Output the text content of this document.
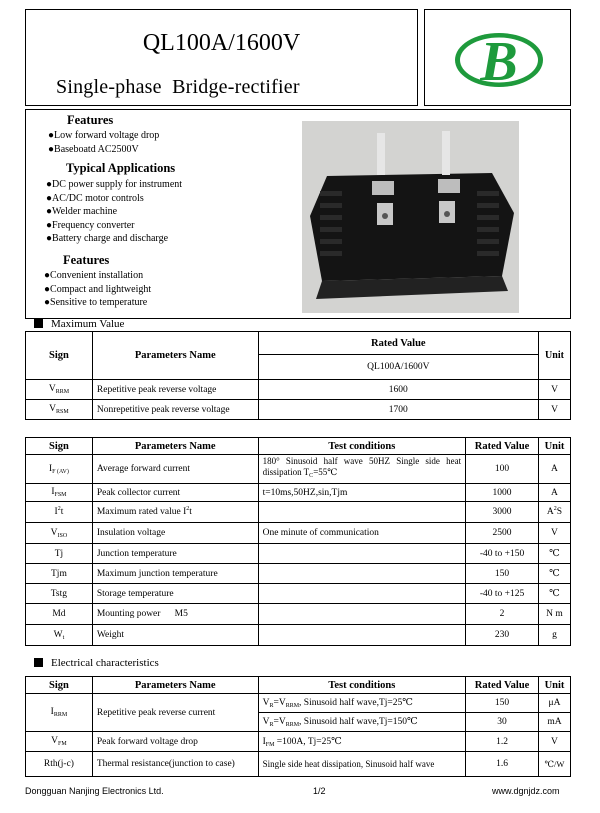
QL100A/1600V
Single-phase  Bridge-rectifier	B
Features
●Low forward voltage drop
●Baseboatd AC2500V
Typical Applications
●DC power supply for instrument
●AC/DC motor controls
●Welder machine
●Frequency converter
●Battery charge and discharge
Features
●Convenient installation
●Compact and lightweight
●Sensitive to temperature
Maximum Value
Sign	Parameters Name	Rated Value	Unit
		QL100A/1600V	
$V_{RRM}$	Repetitive peak reverse voltage	1600	V
$V_{RSM}$	Nonrepetitive peak reverse voltage	1700	V
Sign	Parameters Name	Test conditions	Rated Value	Unit
$I_{F (AV)}$	Average forward current	180° Sinusoid half wave 50HZ Single side heat dissipation $T_C=55℃$	100	A
$I_{FSM}$	Peak collector current	t=10ms,50HZ,sin,Tjm	1000	A
$I^2t$	Maximum rated value $I^2t$		3000	$A^2S$
$V_{ISO}$	Insulation voltage	One minute of communication	2500	V
Tj	Junction temperature		-40 to +150	℃
Tjm	Maximum junction temperature		150	℃
Tstg	Storage temperature		-40 to +125	℃
Md	Mounting power      M5		2	N m
$W_t$	Weight		230	g
Electrical characteristics
Sign	Parameters Name	Test conditions	Rated Value	Unit
$I_{RRM}$	Repetitive peak reverse current	$V_R=V_{RRM}$, Sinusoid half wave,Tj=25℃	150	μA
		$V_R=V_{RRM}$, Sinusoid half wave,Tj=150℃	30	mA
$V_{FM}$	Peak forward voltage drop	$I_{FM} =100A$, Tj=25℃	1.2	V
Rth(j-c)	Thermal resistance(junction to case)	Single side heat dissipation, Sinusoid half wave	1.6	℃/W
Dongguan Nanjing Electronics Ltd.	1/2	www.dgnjdz.com
